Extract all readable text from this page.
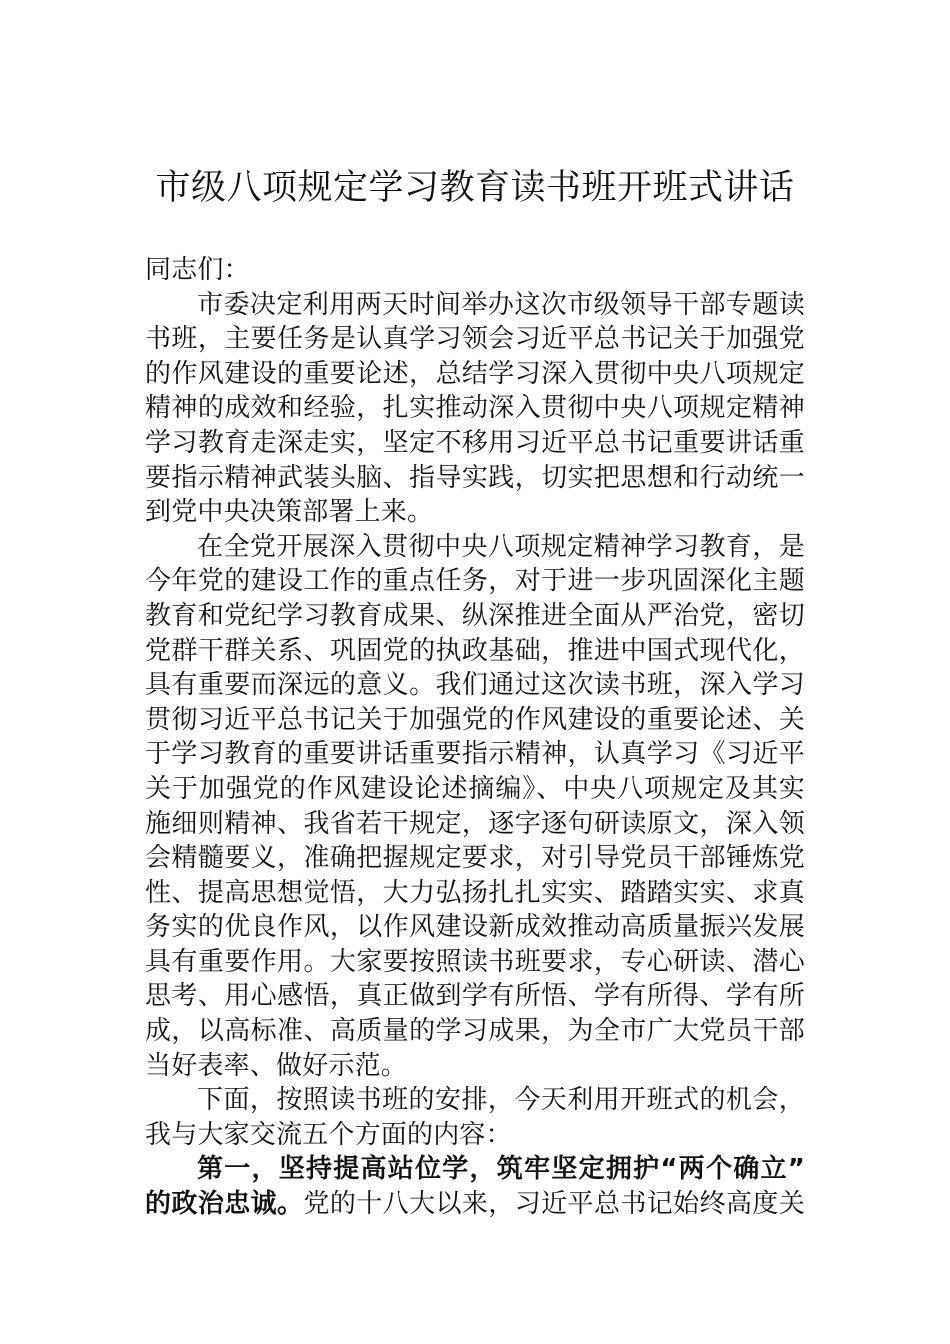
市级八项规定学习教育读书班开班式讲话
同志们：
市委决定利用两天时间举办这次市级领导干部专题读
书班，主要任务是认真学习领会习近平总书记关于加强党
的作风建设的重要论述，总结学习深入贯彻中央八项规定
精神的成效和经验，扎实推动深入贯彻中央八项规定精神
学习教育走深走实，坚定不移用习近平总书记重要讲话重
要指示精神武装头脑、指导实践，切实把思想和行动统一
到党中央决策部署上来。
在全党开展深入贯彻中央八项规定精神学习教育，是
今年党的建设工作的重点任务，对于进一步巩固深化主题
教育和党纪学习教育成果、纵深推进全面从严治党，密切
党群干群关系、巩固党的执政基础，推进中国式现代化，
具有重要而深远的意义。我们通过这次读书班，深入学习
贯彻习近平总书记关于加强党的作风建设的重要论述、关
于学习教育的重要讲话重要指示精神，认真学习《习近平
关于加强党的作风建设论述摘编》、中央八项规定及其实
施细则精神、我省若干规定，逐字逐句研读原文，深入领
会精髓要义，准确把握规定要求，对引导党员干部锤炼党
性、提高思想觉悟，大力弘扬扎扎实实、踏踏实实、求真
务实的优良作风，以作风建设新成效推动高质量振兴发展
具有重要作用。大家要按照读书班要求，专心研读、潜心
思考、用心感悟，真正做到学有所悟、学有所得、学有所
成，以高标准、高质量的学习成果，为全市广大党员干部
当好表率、做好示范。
下面，按照读书班的安排，今天利用开班式的机会，
我与大家交流五个方面的内容：
第一，坚持提高站位学，筑牢坚定拥护“两个确立”
的政治忠诚。党的十八大以来，习近平总书记始终高度关
